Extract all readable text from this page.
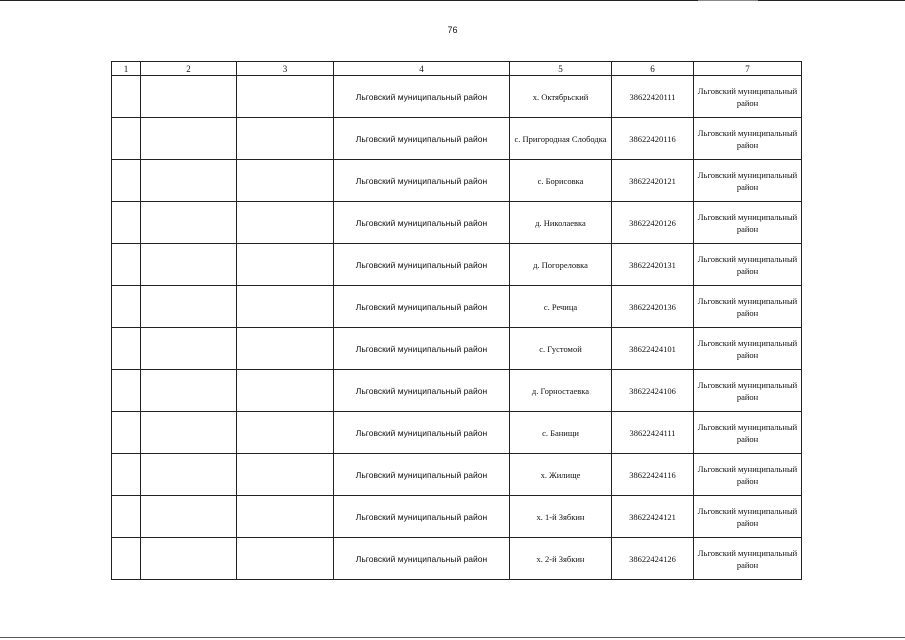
76
1	2	3	4	5	6	7
			Льговский муниципальный район	х. Октябрьский	38622420111	Льговский муниципальный район
			Льговский муниципальный район	с. Пригородная Слободка	38622420116	Льговский муниципальный район
			Льговский муниципальный район	с. Борисовка	38622420121	Льговский муниципальный район
			Льговский муниципальный район	д. Николаевка	38622420126	Льговский муниципальный район
			Льговский муниципальный район	д. Погореловка	38622420131	Льговский муниципальный район
			Льговский муниципальный район	с. Речица	38622420136	Льговский муниципальный район
			Льговский муниципальный район	с. Густомой	38622424101	Льговский муниципальный район
			Льговский муниципальный район	д. Горностаевка	38622424106	Льговский муниципальный район
			Льговский муниципальный район	с. Банищи	38622424111	Льговский муниципальный район
			Льговский муниципальный район	х. Жилище	38622424116	Льговский муниципальный район
			Льговский муниципальный район	х. 1-й Зябкин	38622424121	Льговский муниципальный район
			Льговский муниципальный район	х. 2-й Зябкин	38622424126	Льговский муниципальный район
